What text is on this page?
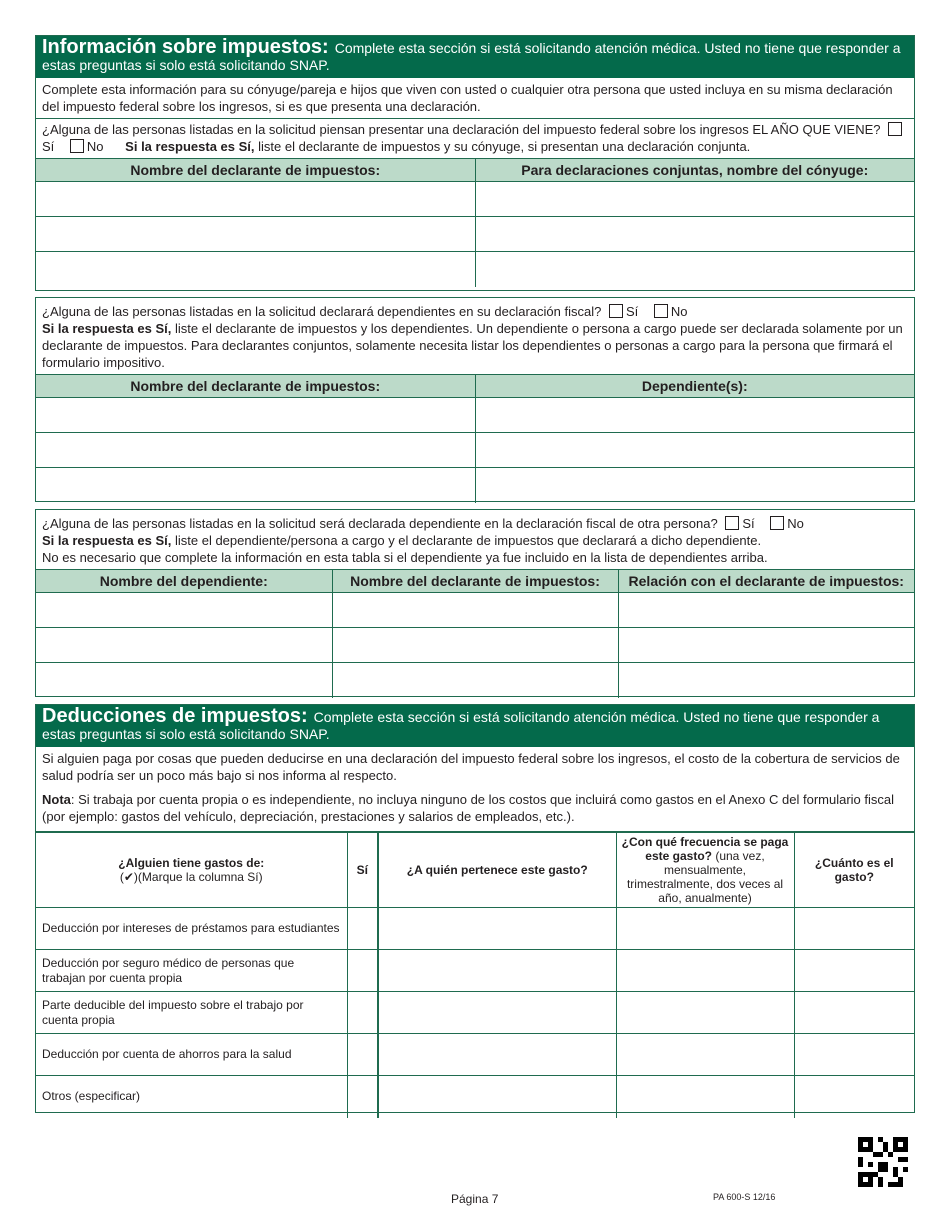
Información sobre impuestos: Complete esta sección si está solicitando atención médica. Usted no tiene que responder a estas preguntas si solo está solicitando SNAP.
Complete esta información para su cónyuge/pareja e hijos que viven con usted o cualquier otra persona que usted incluya en su misma declaración del impuesto federal sobre los ingresos, si es que presenta una declaración.
¿Alguna de las personas listadas en la solicitud piensan presentar una declaración del impuesto federal sobre los ingresos EL AÑO QUE VIENE? Sí	No Si la respuesta es Sí, liste el declarante de impuestos y su cónyuge, si presentan una declaración conjunta.
Nombre del declarante de impuestos:	Para declaraciones conjuntas, nombre del cónyuge:

¿Alguna de las personas listadas en la solicitud declarará dependientes en su declaración fiscal? Sí	No
Si la respuesta es Sí, liste el declarante de impuestos y los dependientes. Un dependiente o persona a cargo puede ser declarada solamente por un declarante de impuestos. Para declarantes conjuntos, solamente necesita listar los dependientes o personas a cargo para la persona que firmará el formulario impositivo.
Nombre del declarante de impuestos:	Dependiente(s):

¿Alguna de las personas listadas en la solicitud será declarada dependiente en la declaración fiscal de otra persona? Sí	No
Si la respuesta es Sí, liste el dependiente/persona a cargo y el declarante de impuestos que declarará a dicho dependiente.
No es necesario que complete la información en esta tabla si el dependiente ya fue incluido en la lista de dependientes arriba.
Nombre del dependiente:	Nombre del declarante de impuestos:	Relación con el declarante de impuestos:

Deducciones de impuestos: Complete esta sección si está solicitando atención médica. Usted no tiene que responder a estas preguntas si solo está solicitando SNAP.
Si alguien paga por cosas que pueden deducirse en una declaración del impuesto federal sobre los ingresos, el costo de la cobertura de servicios de salud podría ser un poco más bajo si nos informa al respecto.
Nota: Si trabaja por cuenta propia o es independiente, no incluya ninguno de los costos que incluirá como gastos en el Anexo C del formulario fiscal (por ejemplo: gastos del vehículo, depreciación, prestaciones y salarios de empleados, etc.).
¿Alguien tiene gastos de:
(✔)(Marque la columna Sí)	Sí	¿A quién pertenece este gasto?	¿Con qué frecuencia se paga este gasto? (una vez, mensualmente, trimestralmente, dos veces al año, anualmente)	¿Cuánto es el gasto?
Deducción por intereses de préstamos para estudiantes				
Deducción por seguro médico de personas que trabajan por cuenta propia				
Parte deducible del impuesto sobre el trabajo por cuenta propia				
Deducción por cuenta de ahorros para la salud				
Otros (especificar)				
Página 7	PA 600-S 12/16
